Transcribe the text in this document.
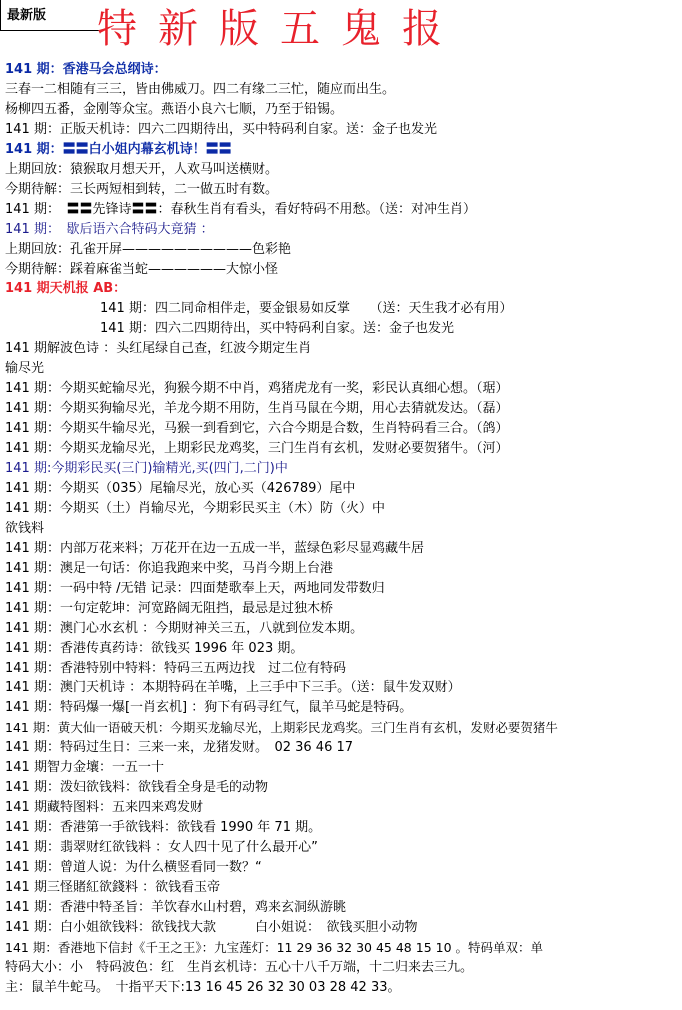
最新版 特新版五鬼报
141 期：香港马会总纲诗：
三春一二相随有三三，皆由佛威刀。四二有缘二三忙，随应而出生。
杨柳四五番，金刚等众宝。燕语小良六七顺，乃至于铅锡。
141 期：正版天机诗：四六二四期待出，买中特码利自家。送：金子也发光
141 期：〓〓白小姐内幕玄机诗！〓〓
上期回放：猿猴取月想天开，人欢马叫送横财。
今期待解：三长两短相到转，二一做五时有数。
141 期：　〓〓先锋诗〓〓：春秋生肖有看头，看好特码不用愁。（送：对冲生肖）
141 期：　歇后语六合特码大竟猜 ：
上期回放：孔雀开屏——————————色彩艳
今期待解：踩着麻雀当蛇——————大惊小怪
141 期天机报 AB：
141 期：四二同命相伴走，要金银易如反掌　　（送：天生我才必有用）
141 期：四六二四期待出，买中特码利自家。送：金子也发光
141 期解波色诗 ：头红尾绿自己查，红波今期定生肖
输尽光
141 期：今期买蛇输尽光，狗猴今期不中肖，鸡猪虎龙有一奖，彩民认真细心想。（琚）
141 期：今期买狗输尽光，羊龙今期不用防，生肖马鼠在今期，用心去猜就发达。（磊）
141 期：今期买牛输尽光，马猴一到看到它，六合今期是合数，生肖特码看三合。（鸽）
141 期：今期买龙输尽光，上期彩民龙鸡奖，三门生肖有玄机，发财必要贺猪牛。（河）
141 期:今期彩民买(三门)输精光,买(四门,二门)中
141 期：今期买（035）尾输尽光，放心买（426789）尾中
141 期：今期买（土）肖输尽光，今期彩民买主（木）防（火）中
欲钱料
141 期：内部万花来料；万花开在边一五成一半，蓝绿色彩尽显鸡藏牛居
141 期：澳足一句话：你追我跑来中奖，马肖今期上台港
141 期：一码中特 /无错 记录：四面楚歌奉上天，两地同发带数归
141 期：一句定乾坤：河宽路阔无阻挡，最忌是过独木桥
141 期：澳门心水玄机 ：今期财神关三五，八就到位发本期。
141 期：香港传真药诗：欲钱买 1996 年 023 期。
141 期：香港特别中特料：特码三五两边找　过二位有特码
141 期：澳门天机诗 ：本期特码在羊嘴，上三手中下三手。（送：鼠牛发双财）
141 期：特码爆一爆[一肖玄机] ：狗下有码寻红气，鼠羊马蛇是特码。
141 期：黄大仙一语破天机：今期买龙输尽光，上期彩民龙鸡奖。三门生肖有玄机，发财必要贺猪牛
141 期：特码过生日：三来一来，龙猪发财。　02 36 46 17
141 期智力金壤：一五一十
141 期：泼妇欲钱料：欲钱看全身是毛的动物
141 期藏特图料：五来四来鸡发财
141 期：香港第一手欲钱料：欲钱看 1990 年 71 期。
141 期：翡翠财红欲钱料 ：女人四十见了什么最开心”
141 期：曾道人说：为什么横竖看同一数？“
141 期三怪賭紅欲錢料 ：欲钱看玉帝
141 期：香港中特圣旨：羊饮春水山村碧，鸡来玄洞纵游眺
141 期：白小姐欲钱料：欲钱找大款　　　白小姐说：　欲钱买胆小动物
141 期：香港地下信封《千王之王》：九宝莲灯：11 29 36 32 30 45 48 15 10 。特码单双：单
特码大小：小　特码波色：红　生肖玄机诗：五心十八千万端，十二归来去三九。
主：鼠羊牛蛇马。　十指平天下:13 16 45 26 32 30 03 28 42 33。
